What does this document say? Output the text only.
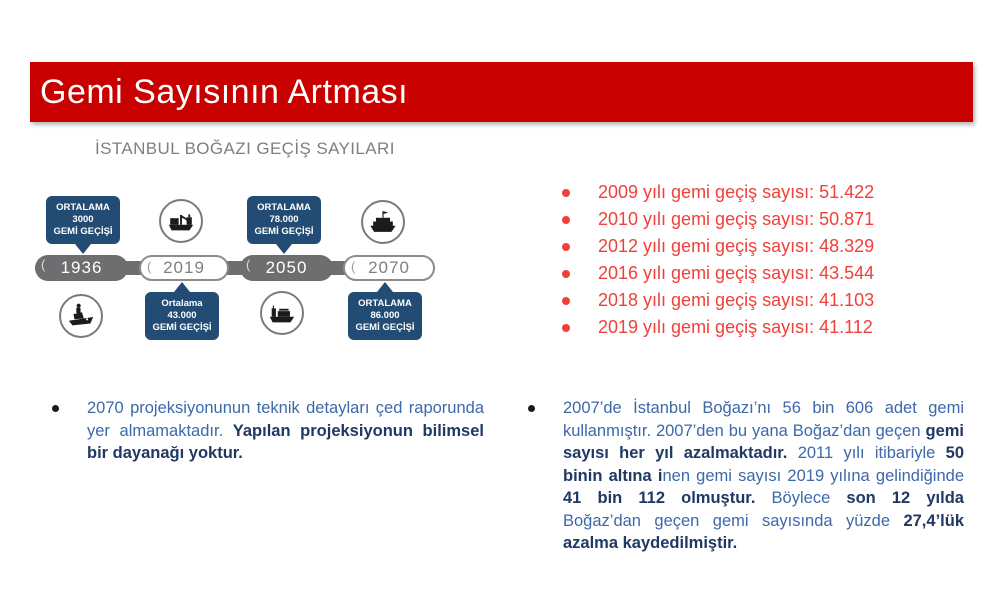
Gemi Sayısının Artması
İSTANBUL BOĞAZI GEÇİŞ SAYILARI
ORTALAMA
3000
GEMİ GEÇİŞİ
Ortalama
43.000
GEMİ GEÇİŞİ
ORTALAMA
78.000
GEMİ GEÇİŞİ
ORTALAMA
86.000
GEMİ GEÇİŞİ
( 1936	( 2019	( 2050	( 2070
2009 yılı gemi geçiş sayısı: 51.422
2010 yılı gemi geçiş sayısı: 50.871
2012 yılı gemi geçiş sayısı: 48.329
2016 yılı gemi geçiş sayısı: 43.544
2018 yılı gemi geçiş sayısı: 41.103
2019 yılı gemi geçiş sayısı: 41.112

2070 projeksiyonunun teknik detayları çed raporunda yer almamaktadır. Yapılan projeksiyonun bilimsel bir dayanağı yoktur.

2007’de İstanbul Boğazı’nı 56 bin 606 adet gemi kullanmıştır. 2007’den bu yana Boğaz’dan geçen gemi sayısı her yıl azalmaktadır. 2011 yılı itibariyle 50 binin altına inen gemi sayısı 2019 yılına gelindiğinde 41 bin 112 olmuştur. Böylece son 12 yılda Boğaz’dan geçen gemi sayısında yüzde 27,4’lük azalma kaydedilmiştir.
